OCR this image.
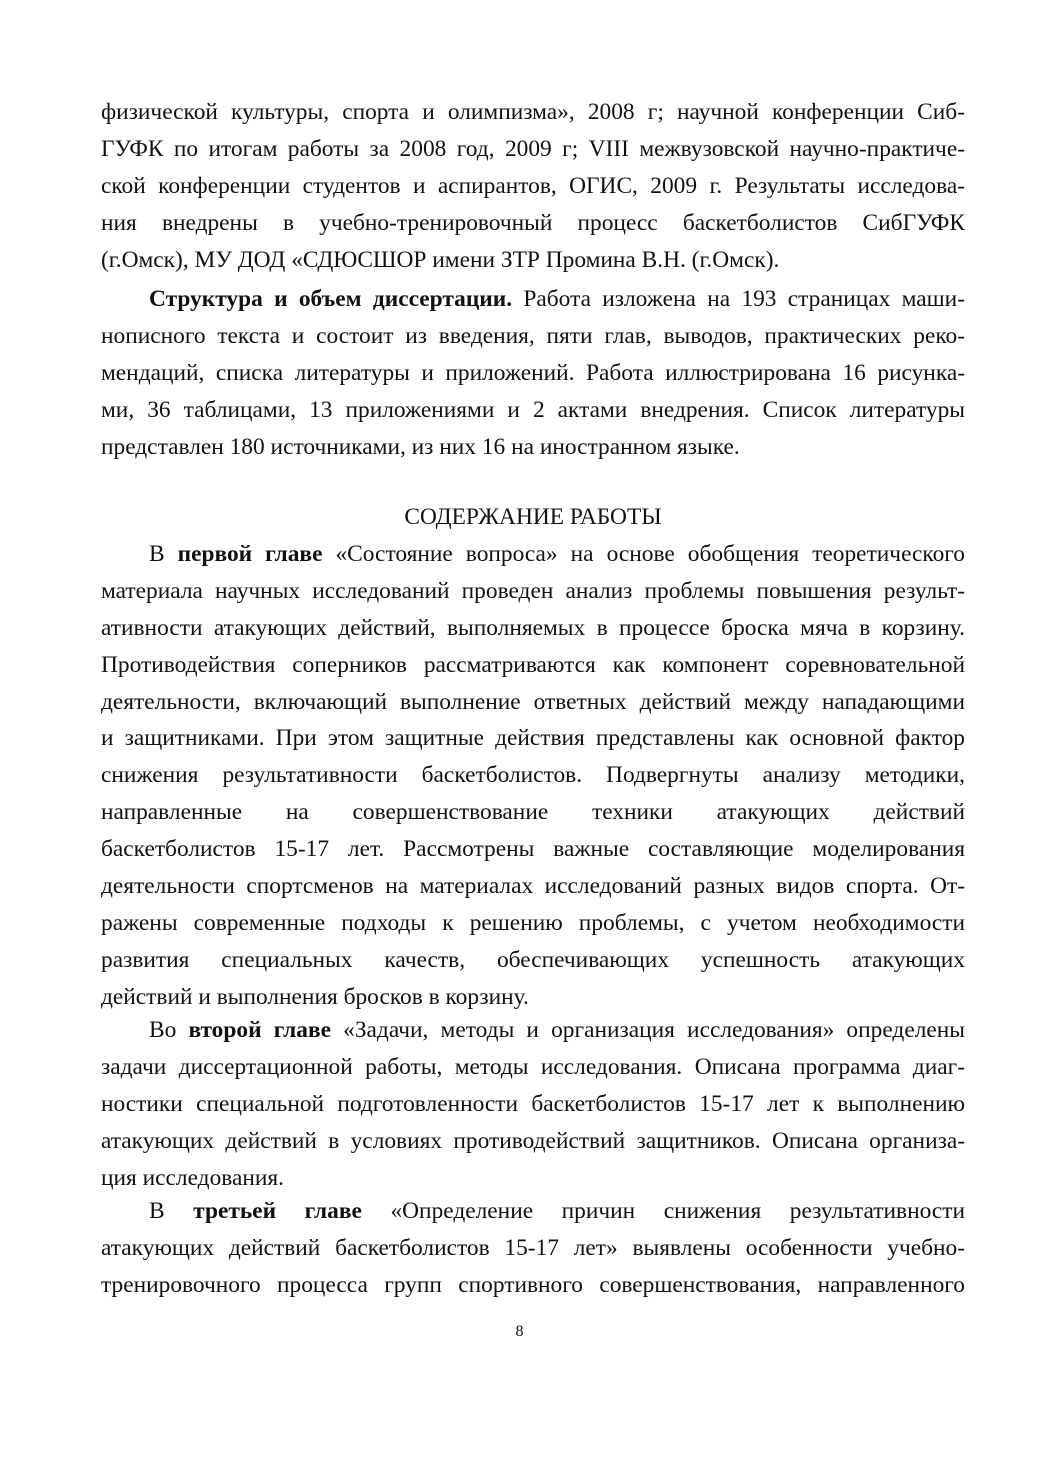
физической культуры, спорта и олимпизма», 2008 г; научной конференции Сиб-
ГУФК по итогам работы за 2008 год, 2009 г; VIII межвузовской научно-практиче-
ской конференции студентов и аспирантов, ОГИС, 2009 г. Результаты исследова-
ния внедрены в учебно-тренировочный процесс баскетболистов СибГУФК
(г.Омск), МУ ДОД «СДЮСШОР имени ЗТР Промина В.Н. (г.Омск).
Структура и объем диссертации. Работа изложена на 193 страницах маши-
нописного текста и состоит из введения, пяти глав, выводов, практических реко-
мендаций, списка литературы и приложений. Работа иллюстрирована 16 рисунка-
ми, 36 таблицами, 13 приложениями и 2 актами внедрения. Список литературы
представлен 180 источниками, из них 16 на иностранном языке.
СОДЕРЖАНИЕ РАБОТЫ
В первой главе «Состояние вопроса» на основе обобщения теоретического
материала научных исследований проведен анализ проблемы повышения результ-
ативности атакующих действий, выполняемых в процессе броска мяча в корзину.
Противодействия соперников рассматриваются как компонент соревновательной
деятельности, включающий выполнение ответных действий между нападающими
и защитниками. При этом защитные действия представлены как основной фактор
снижения результативности баскетболистов. Подвергнуты анализу методики,
направленные на совершенствование техники атакующих действий
баскетболистов 15-17 лет. Рассмотрены важные составляющие моделирования
деятельности спортсменов на материалах исследований разных видов спорта. От-
ражены современные подходы к решению проблемы, с учетом необходимости
развития специальных качеств, обеспечивающих успешность атакующих
действий и выполнения бросков в корзину.
Во второй главе «Задачи, методы и организация исследования» определены
задачи диссертационной работы, методы исследования. Описана программа диаг-
ностики специальной подготовленности баскетболистов 15-17 лет к выполнению
атакующих действий в условиях противодействий защитников. Описана организа-
ция исследования.
В третьей главе «Определение причин снижения результативности
атакующих действий баскетболистов 15-17 лет» выявлены особенности учебно-
тренировочного процесса групп спортивного совершенствования, направленного
8
